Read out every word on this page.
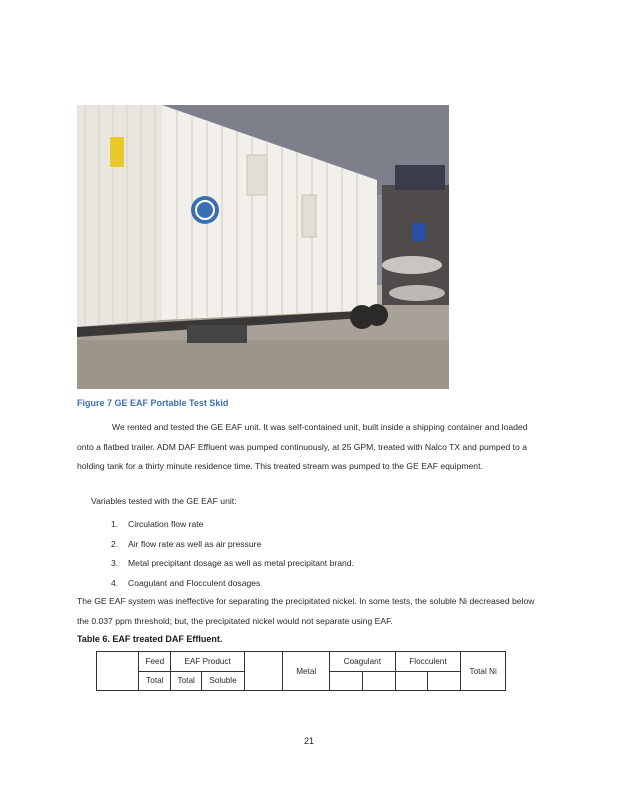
Figure 7 GE EAF Portable Test Skid
We rented and tested the GE EAF unit. It was self-contained unit, built inside a shipping container and loaded onto a flatbed trailer. ADM DAF Effluent was pumped continuously, at 25 GPM, treated with Nalco TX and pumped to a holding tank for a thirty minute residence time. This treated stream was pumped to the GE EAF equipment.
Variables tested with the GE EAF unit:
1. Circulation flow rate
2. Air flow rate as well as air pressure
3. Metal precipitant dosage as well as metal precipitant brand.
4. Coagulant and Flocculent dosages
The GE EAF system was ineffective for separating the precipitated nickel. In some tests, the soluble Ni decreased below the 0.037 ppm threshold; but, the precipitated nickel would not separate using EAF.
Table 6. EAF treated DAF Effluent.
	Feed	EAF Product			Metal	Coagulant		Flocculent		Total Ni
	Total	Total	Soluble							
21
